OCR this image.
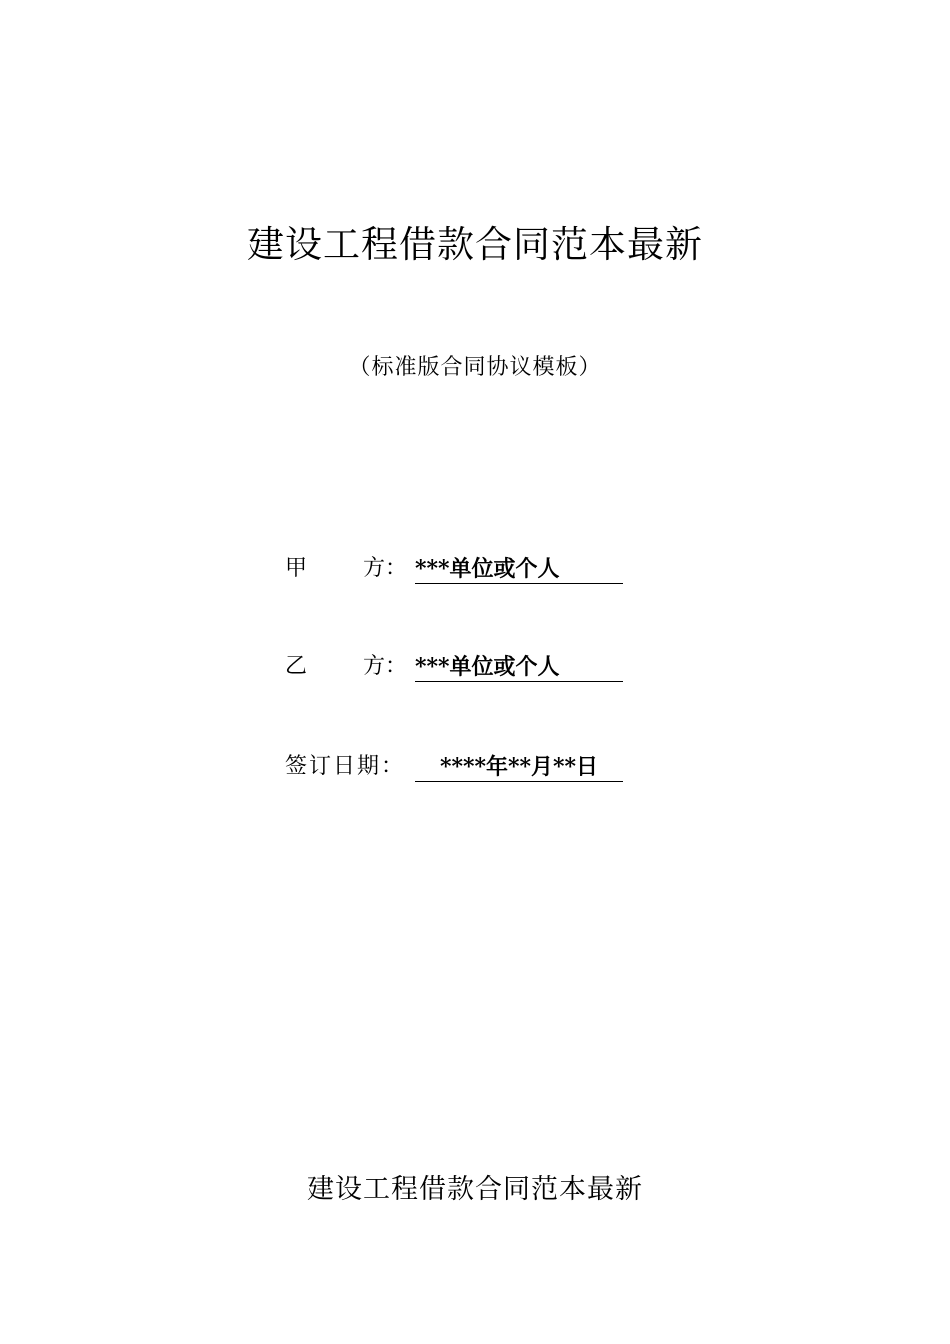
建设工程借款合同范本最新
（标准版合同协议模板）
甲	方： ***单位或个人
乙	方： ***单位或个人
签订日期：	****年**月**日
建设工程借款合同范本最新
